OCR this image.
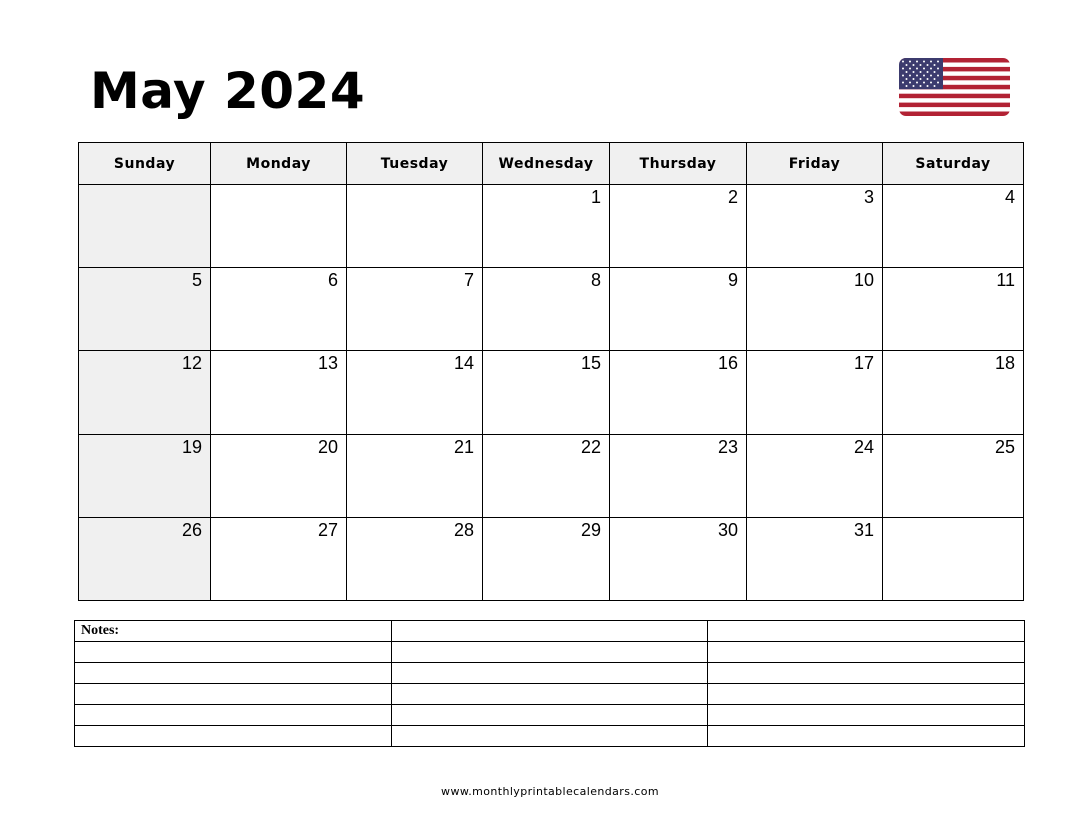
May 2024
Sunday	Monday	Tuesday	Wednesday	Thursday	Friday	Saturday

			1	2	3	4

5	6	7	8	9	10	11

12	13	14	15	16	17	18

19	20	21	22	23	24	25

26	27	28	29	30	31	

Notes:		

www.monthlyprintablecalendars.com
